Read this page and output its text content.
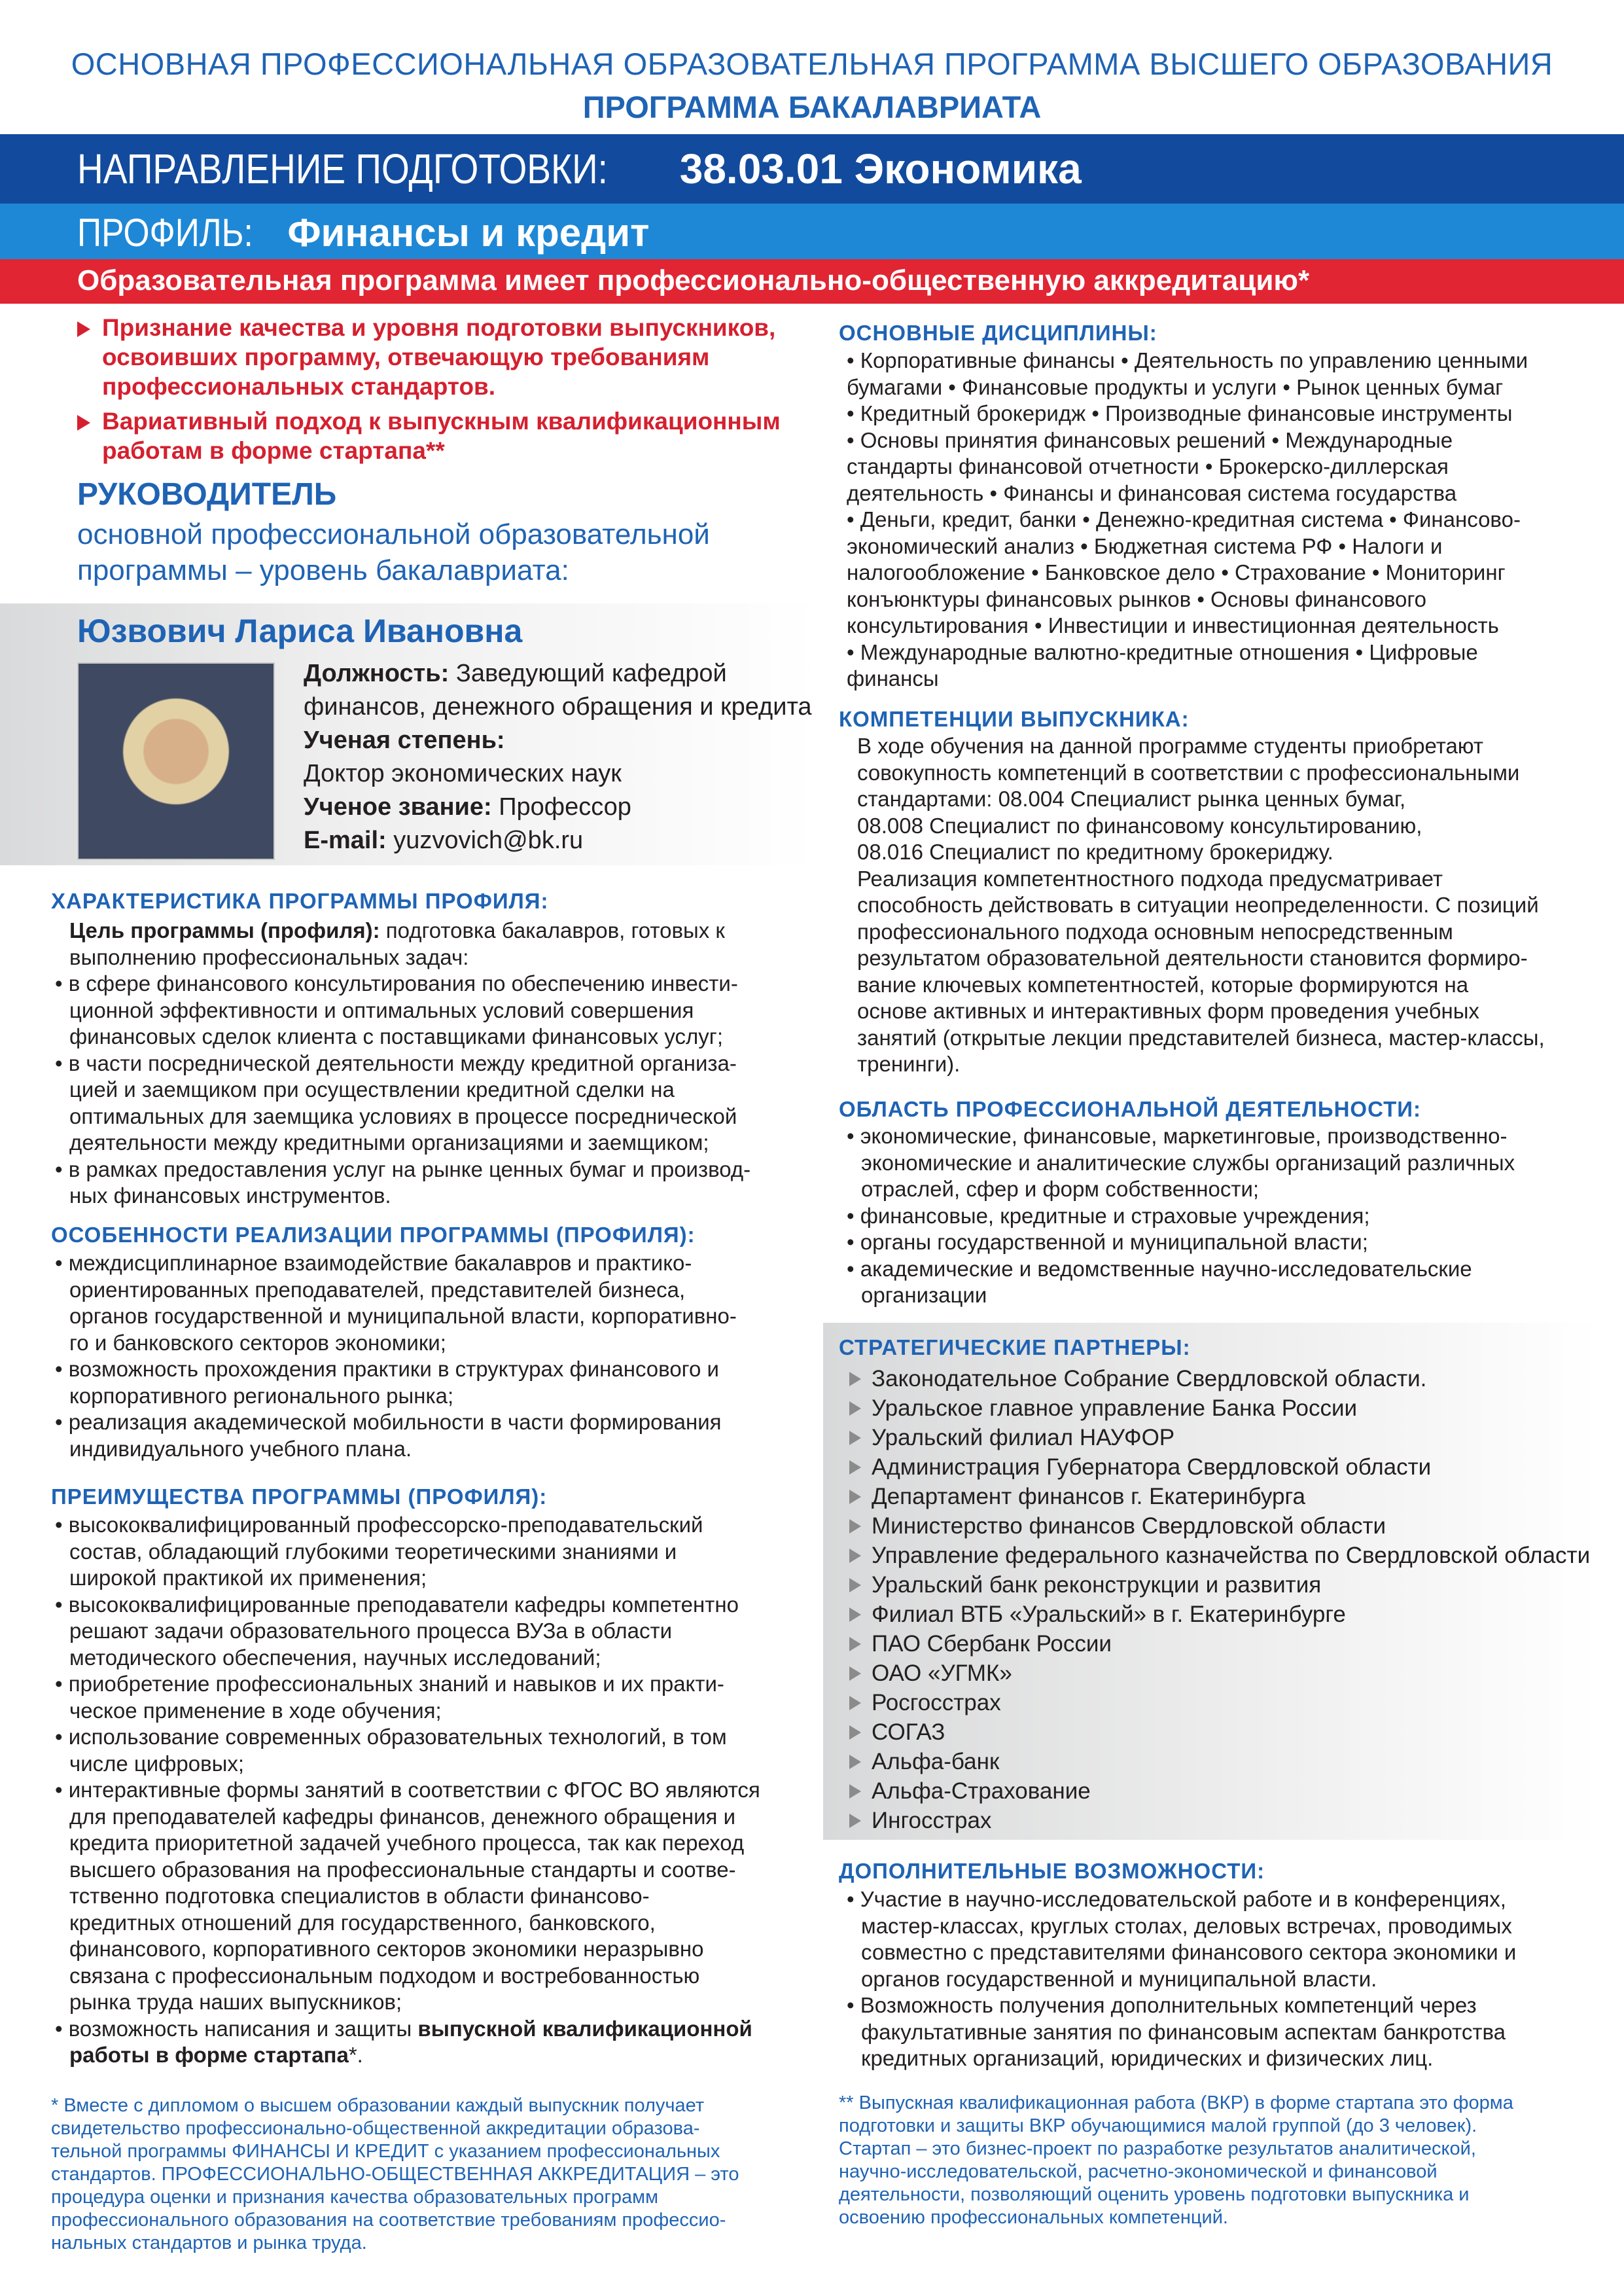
ОСНОВНАЯ ПРОФЕССИОНАЛЬНАЯ ОБРАЗОВАТЕЛЬНАЯ ПРОГРАММА ВЫСШЕГО ОБРАЗОВАНИЯ
ПРОГРАММА БАКАЛАВРИАТА
НАПРАВЛЕНИЕ ПОДГОТОВКИ: 38.03.01 Экономика
ПРОФИЛЬ: Финансы и кредит
Образовательная программа имеет профессионально-общественную аккредитацию*

Признание качества и уровня подготовки выпускников,

освоивших программу, отвечающую требованиям

профессиональных стандартов.

Вариативный подход к выпускным квалификационным

работам в форме стартапа**

РУКОВОДИТЕЛЬ
основной профессиональной образовательной
программы – уровень бакалавриата:
Юзвович Лариса Ивановна
Должность: Заведующий кафедрой
финансов, денежного обращения и кредита
Ученая степень:
Доктор экономических наук
Ученое звание: Профессор
E-mail: yuzvovich@bk.ru
ХАРАКТЕРИСТИКА ПРОГРАММЫ ПРОФИЛЯ:

Цель программы (профиля): подготовка бакалавров, готовых к

выполнению профессиональных задач:

• в сфере финансового консультирования по обеспечению инвести-

ционной эффективности и оптимальных условий совершения

финансовых сделок клиента с поставщиками финансовых услуг;

• в части посреднической деятельности между кредитной организа-

цией и заемщиком при осуществлении кредитной сделки на

оптимальных для заемщика условиях в процессе посреднической

деятельности между кредитными организациями и заемщиком;

• в рамках предоставления услуг на рынке ценных бумаг и производ-

ных финансовых инструментов.

ОСОБЕННОСТИ РЕАЛИЗАЦИИ ПРОГРАММЫ (ПРОФИЛЯ):

• междисциплинарное взаимодействие бакалавров и практико-

ориентированных преподавателей, представителей бизнеса,

органов государственной и муниципальной власти, корпоративно-

го и банковского секторов экономики;

• возможность прохождения практики в структурах финансового и

корпоративного регионального рынка;

• реализация академической мобильности в части формирования

индивидуального учебного плана.

ПРЕИМУЩЕСТВА ПРОГРАММЫ (ПРОФИЛЯ):

• высококвалифицированный профессорско-преподавательский

состав, обладающий глубокими теоретическими знаниями и

широкой практикой их применения;

• высококвалифицированные преподаватели кафедры компетентно

решают задачи образовательного процесса ВУЗа в области

методического обеспечения, научных исследований;

• приобретение профессиональных знаний и навыков и их практи-

ческое применение в ходе обучения;

• использование современных образовательных технологий, в том

числе цифровых;

• интерактивные формы занятий в соответствии с ФГОС ВО являются

для преподавателей кафедры финансов, денежного обращения и

кредита приоритетной задачей учебного процесса, так как переход

высшего образования на профессиональные стандарты и соотве-

тственно подготовка специалистов в области финансово-

кредитных отношений для государственного, банковского,

финансового, корпоративного секторов экономики неразрывно

связана с профессиональным подходом и востребованностью

рынка труда наших выпускников;

• возможность написания и защиты выпускной квалификационной

работы в форме стартапа*.

* Вместе с дипломом о высшем образовании каждый выпускник получает
свидетельство профессионально-общественной аккредитации образова-
тельной программы ФИНАНСЫ И КРЕДИТ с указанием профессиональных
стандартов. ПРОФЕССИОНАЛЬНО-ОБЩЕСТВЕННАЯ АККРЕДИТАЦИЯ – это
процедура оценки и признания качества образовательных программ
профессионального образования на соответствие требованиям профессио-
нальных стандартов и рынка труда.
ОСНОВНЫЕ ДИСЦИПЛИНЫ:

• Корпоративные финансы • Деятельность по управлению ценными

бумагами • Финансовые продукты и услуги • Рынок ценных бумаг

• Кредитный брокеридж • Производные финансовые инструменты

• Основы принятия финансовых решений • Международные

стандарты финансовой отчетности • Брокерско-диллерская

деятельность • Финансы и финансовая система государства

• Деньги, кредит, банки • Денежно-кредитная система • Финансово-

экономический анализ • Бюджетная система РФ • Налоги и

налогообложение • Банковское дело • Страхование • Мониторинг

конъюнктуры финансовых рынков • Основы финансового

консультирования • Инвестиции и инвестиционная деятельность

• Международные валютно-кредитные отношения • Цифровые

финансы

КОМПЕТЕНЦИИ ВЫПУСКНИКА:

В ходе обучения на данной программе студенты приобретают

совокупность компетенций в соответствии с профессиональными

стандартами: 08.004 Специалист рынка ценных бумаг,

08.008 Специалист по финансовому консультированию,

08.016 Специалист по кредитному брокериджу.

Реализация компетентностного подхода предусматривает

способность действовать в ситуации неопределенности. С позиций

профессионального подхода основным непосредственным

результатом образовательной деятельности становится формиро-

вание ключевых компетентностей, которые формируются на

основе активных и интерактивных форм проведения учебных

занятий (открытые лекции представителей бизнеса, мастер-классы,

тренинги).

ОБЛАСТЬ ПРОФЕССИОНАЛЬНОЙ ДЕЯТЕЛЬНОСТИ:

• экономические, финансовые, маркетинговые, производственно-

экономические и аналитические службы организаций различных

отраслей, сфер и форм собственности;

• финансовые, кредитные и страховые учреждения;

• органы государственной и муниципальной власти;

• академические и ведомственные научно-исследовательские

организации

СТРАТЕГИЧЕСКИЕ ПАРТНЕРЫ:
Законодательное Собрание Свердловской области.
Уральское главное управление Банка России
Уральский филиал НАУФОР
Администрация Губернатора Свердловской области
Департамент финансов г. Екатеринбурга
Министерство финансов Свердловской области
Управление федерального казначейства по Свердловской области
Уральский банк реконструкции и развития
Филиал ВТБ «Уральский» в г. Екатеринбурге
ПАО Сбербанк России
ОАО «УГМК»
Росгосстрах
СОГАЗ
Альфа-банк
Альфа-Страхование
Ингосстрах
ДОПОЛНИТЕЛЬНЫЕ ВОЗМОЖНОСТИ:

• Участие в научно-исследовательской работе и в конференциях,

мастер-классах, круглых столах, деловых встречах, проводимых

совместно с представителями финансового сектора экономики и

органов государственной и муниципальной власти.

• Возможность получения дополнительных компетенций через

факультативные занятия по финансовым аспектам банкротства

кредитных организаций, юридических и физических лиц.

** Выпускная квалификационная работа (ВКР) в форме стартапа это форма
подготовки и защиты ВКР обучающимися малой группой (до 3 человек).
Стартап – это бизнес-проект по разработке результатов аналитической,
научно-исследовательской, расчетно-экономической и финансовой
деятельности, позволяющий оценить уровень подготовки выпускника и
освоению профессиональных компетенций.
